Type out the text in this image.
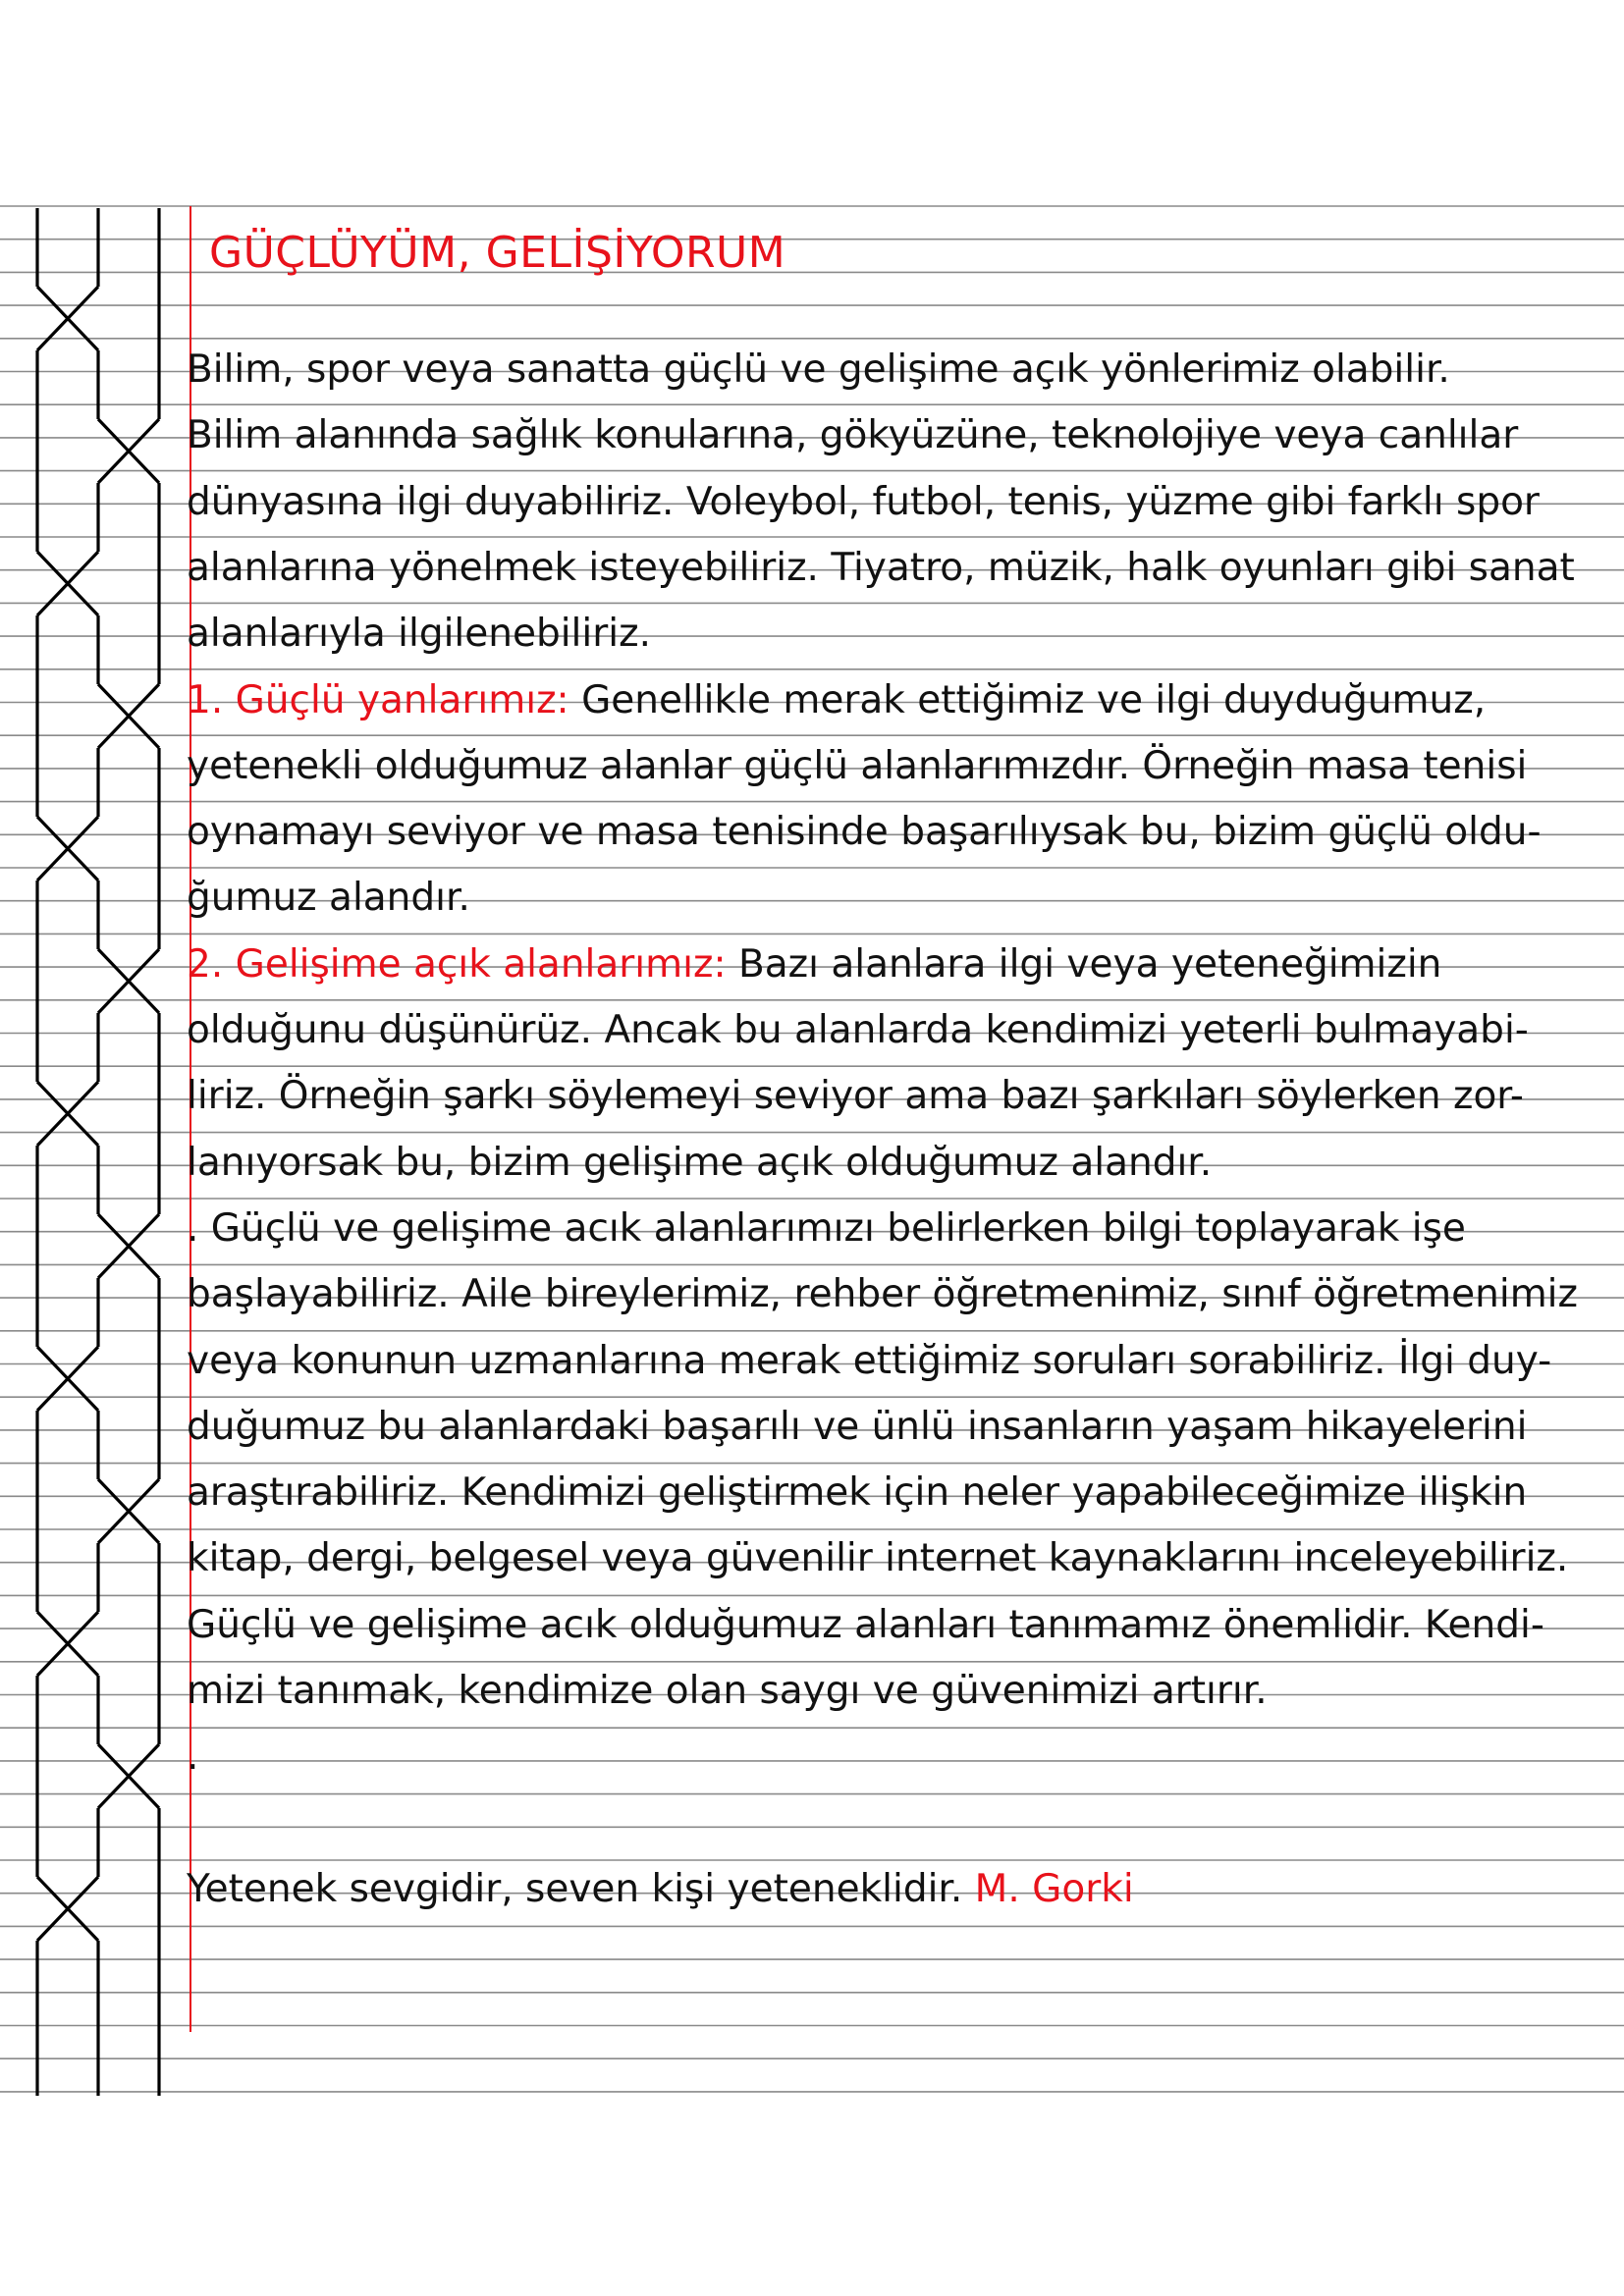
GÜÇLÜYÜM, GELİŞİYORUM
Bilim, spor veya sanatta güçlü ve gelişime açık yönlerimiz olabilir.
Bilim alanında sağlık konularına, gökyüzüne, teknolojiye veya canlılar
dünyasına ilgi duyabiliriz. Voleybol, futbol, tenis, yüzme gibi farklı spor
alanlarına yönelmek isteyebiliriz. Tiyatro, müzik, halk oyunları gibi sanat
alanlarıyla ilgilenebiliriz.
1. Güçlü yanlarımız: Genellikle merak ettiğimiz ve ilgi duyduğumuz,
yetenekli olduğumuz alanlar güçlü alanlarımızdır. Örneğin masa tenisi
oynamayı seviyor ve masa tenisinde başarılıysak bu, bizim güçlü oldu-
ğumuz alandır.
2. Gelişime açık alanlarımız: Bazı alanlara ilgi veya yeteneğimizin
olduğunu düşünürüz. Ancak bu alanlarda kendimizi yeterli bulmayabi-
liriz. Örneğin şarkı söylemeyi seviyor ama bazı şarkıları söylerken zor-
lanıyorsak bu, bizim gelişime açık olduğumuz alandır.
. Güçlü ve gelişime acık alanlarımızı belirlerken bilgi toplayarak işe
başlayabiliriz. Aile bireylerimiz, rehber öğretmenimiz, sınıf öğretmenimiz
veya konunun uzmanlarına merak ettiğimiz soruları sorabiliriz. İlgi duy-
duğumuz bu alanlardaki başarılı ve ünlü insanların yaşam hikayelerini
araştırabiliriz. Kendimizi geliştirmek için neler yapabileceğimize ilişkin
kitap, dergi, belgesel veya güvenilir internet kaynaklarını inceleyebiliriz.
Güçlü ve gelişime acık olduğumuz alanları tanımamız önemlidir. Kendi-
mizi tanımak, kendimize olan saygı ve güvenimizi artırır.
.
Yetenek sevgidir, seven kişi yeteneklidir. M. Gorki
